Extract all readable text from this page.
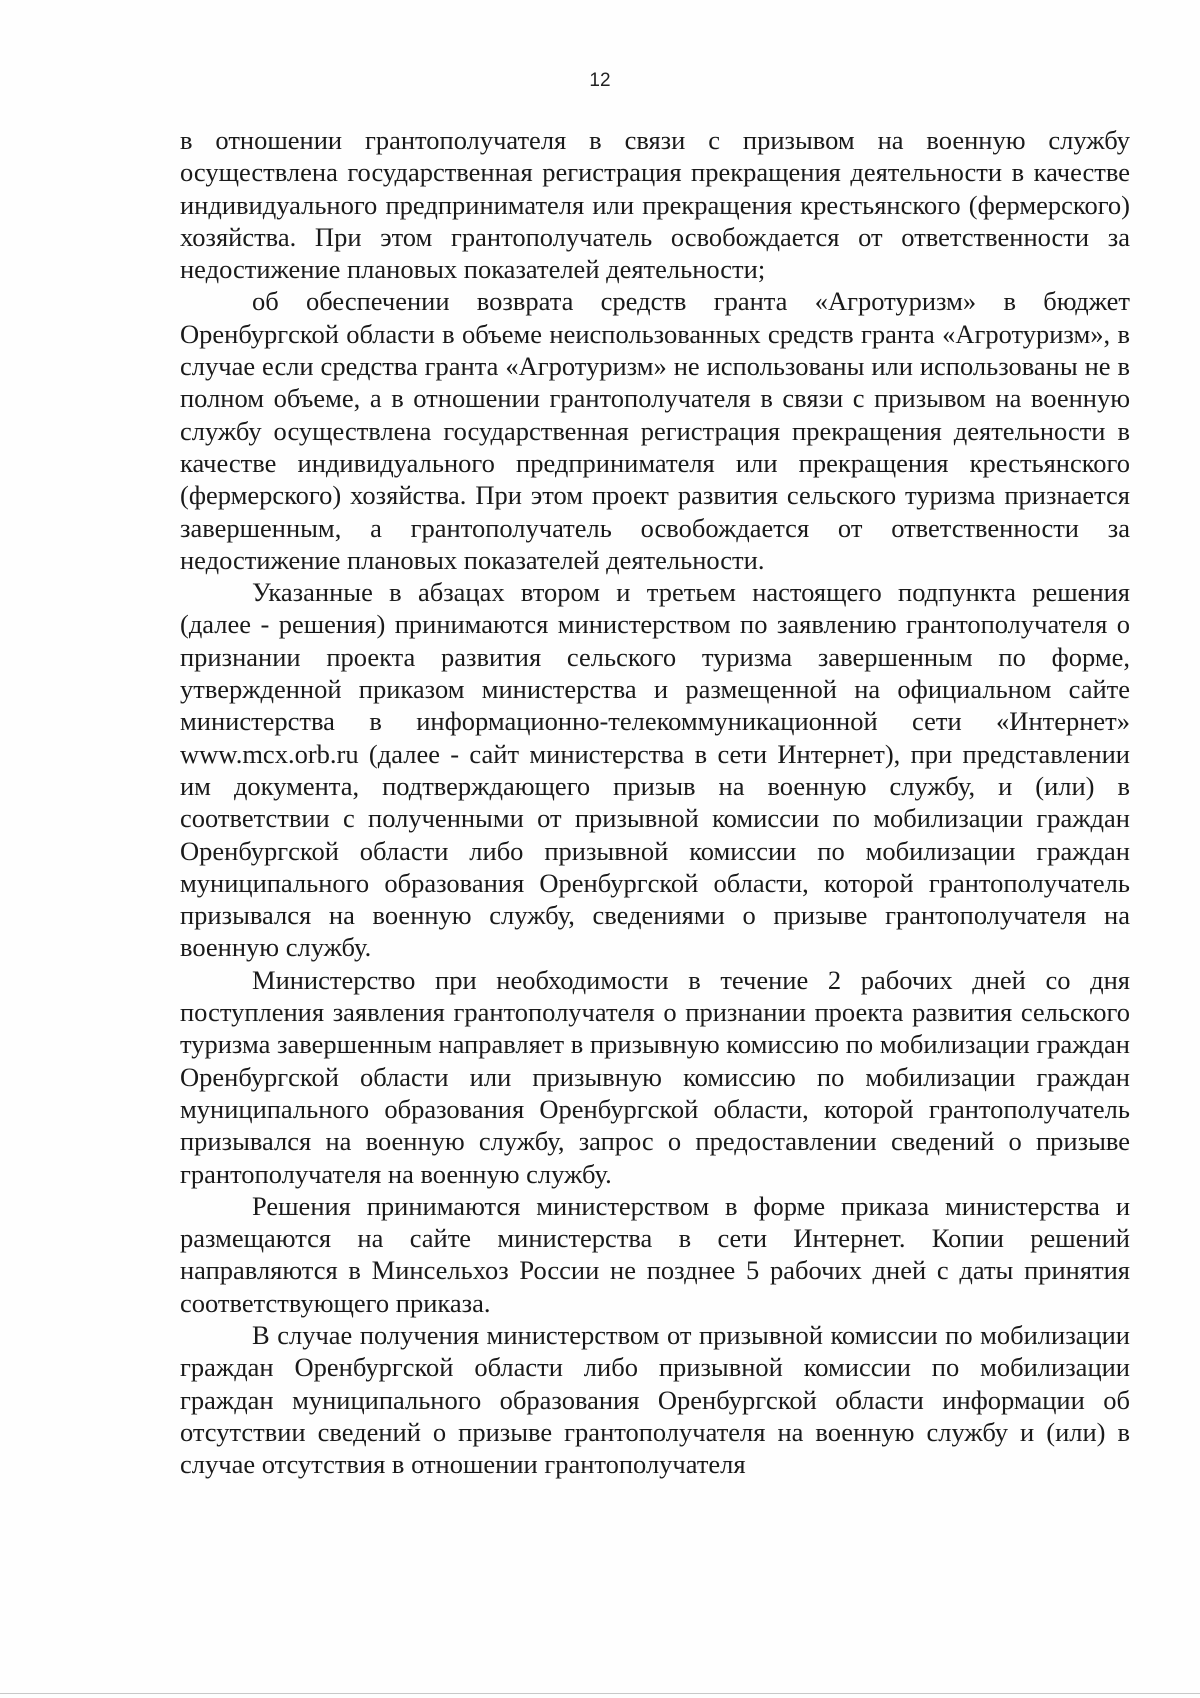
12

в отношении грантополучателя в связи с призывом на военную службу осуществлена государственная регистрация прекращения деятельности в качестве индивидуального предпринимателя или прекращения крестьянского (фермерского) хозяйства. При этом грантополучатель освобождается от ответственности за недостижение плановых показателей деятельности;

об обеспечении возврата средств гранта «Агротуризм» в бюджет Оренбургской области в объеме неиспользованных средств гранта «Агротуризм», в случае если средства гранта «Агротуризм» не использованы или использованы не в полном объеме, а в отношении грантополучателя в связи с призывом на военную службу осуществлена государственная регистрация прекращения деятельности в качестве индивидуального предпринимателя или прекращения крестьянского (фермерского) хозяйства. При этом проект развития сельского туризма признается завершенным, а грантополучатель освобождается от ответственности за недостижение плановых показателей деятельности.

Указанные в абзацах втором и третьем настоящего подпункта решения (далее - решения) принимаются министерством по заявлению грантополучателя о признании проекта развития сельского туризма завершенным по форме, утвержденной приказом министерства и размещенной на официальном сайте министерства в информационно-телекоммуникационной сети «Интернет» www.mcx.orb.ru (далее - сайт министерства в сети Интернет), при представлении им документа, подтверждающего призыв на военную службу, и (или) в соответствии с полученными от призывной комиссии по мобилизации граждан Оренбургской области либо призывной комиссии по мобилизации граждан муниципального образования Оренбургской области, которой грантополучатель призывался на военную службу, сведениями о призыве грантополучателя на военную службу.

Министерство при необходимости в течение 2 рабочих дней со дня поступления заявления грантополучателя о признании проекта развития сельского туризма завершенным направляет в призывную комиссию по мобилизации граждан Оренбургской области или призывную комиссию по мобилизации граждан муниципального образования Оренбургской области, которой грантополучатель призывался на военную службу, запрос о предоставлении сведений о призыве грантополучателя на военную службу.

Решения принимаются министерством в форме приказа министерства и размещаются на сайте министерства в сети Интернет. Копии решений направляются в Минсельхоз России не позднее 5 рабочих дней с даты принятия соответствующего приказа.

В случае получения министерством от призывной комиссии по мобилизации граждан Оренбургской области либо призывной комиссии по мобилизации граждан муниципального образования Оренбургской области информации об отсутствии сведений о призыве грантополучателя на военную службу и (или) в случае отсутствия в отношении грантополучателя
